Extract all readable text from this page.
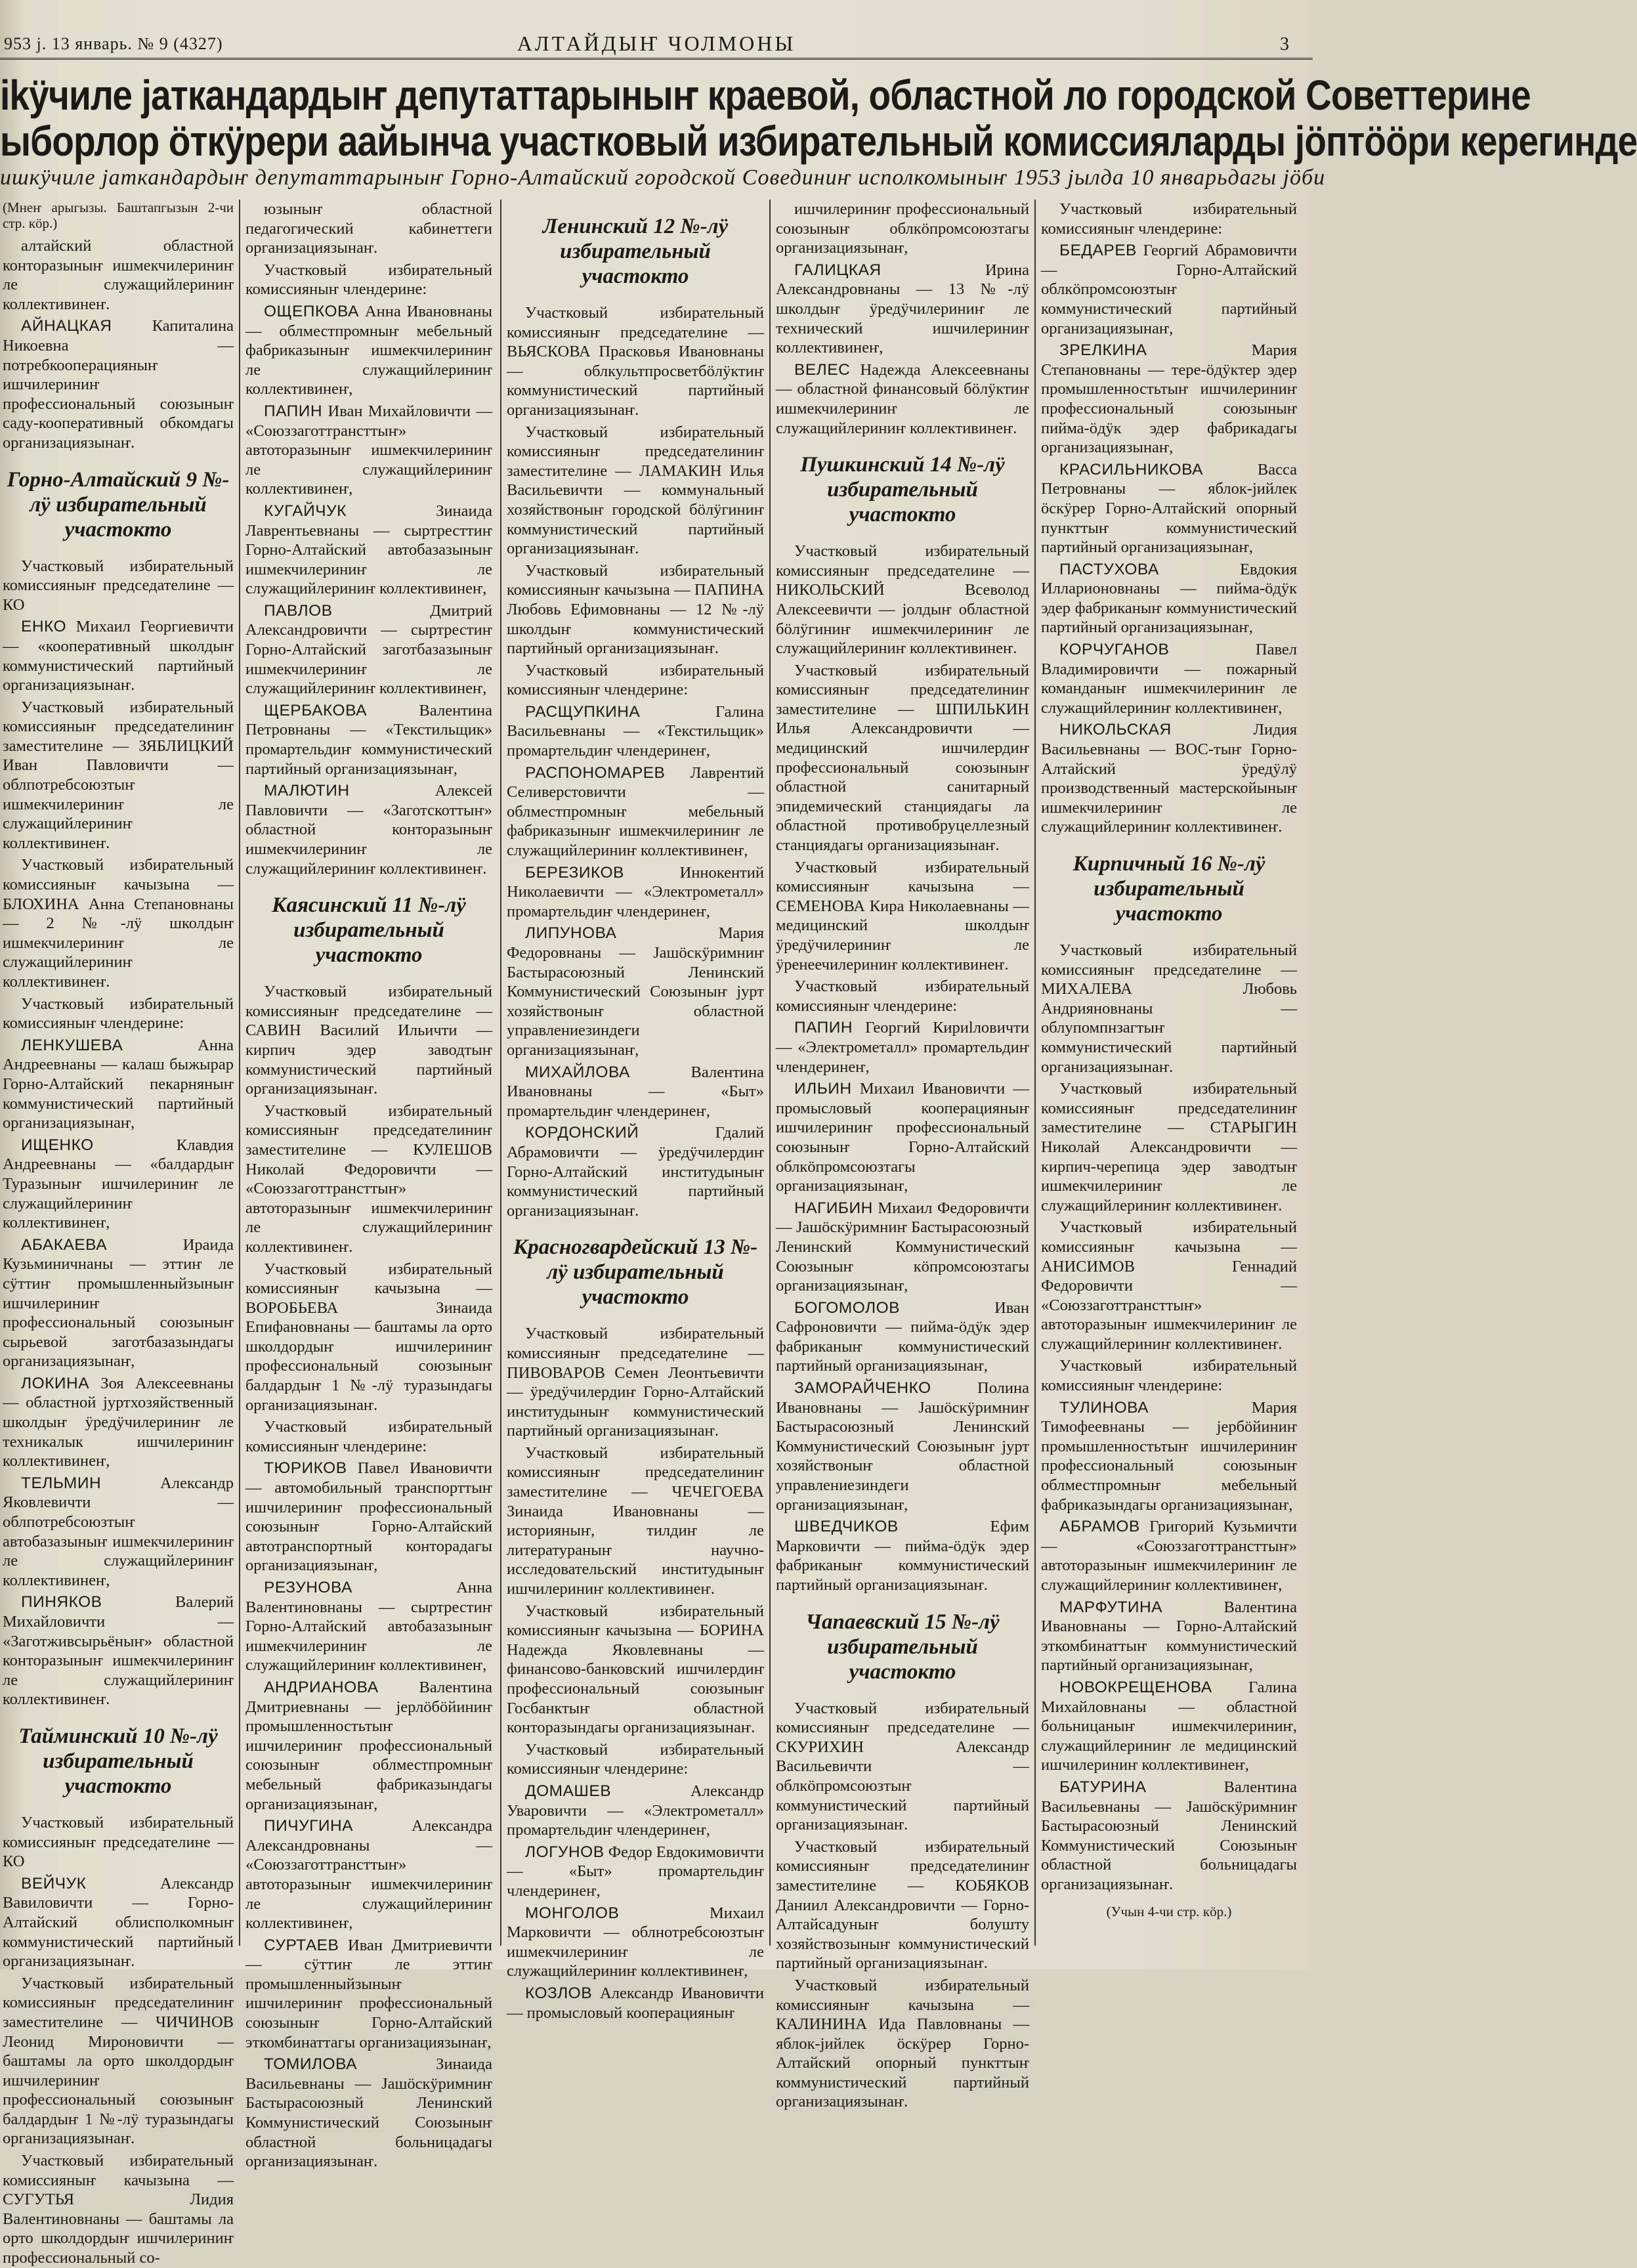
953 ј. 13 январь. № 9 (4327)	АЛТАЙДЫҤ ЧОЛМОНЫ	3
ikÿчиле jаткандардыҥ депутаттарыныҥ краевой, областной ло городской Советтерине
ыборлор ӧткÿрери аайынча участковый избирательный комиссияларды jӧптӧӧри керегинде
ишкÿчиле jаткандардыҥ депутаттарыныҥ Горно-Алтайский городской Совединиҥ исполкомыныҥ 1953 jылда 10 январьдагы jӧби

(Мнеҥ арыгызы. Баштапгызын 2-чи стр. кӧр.)

алтайский областной конторазыныҥ ишмекчилериниҥ ле служащийлериниҥ коллективинеҥ.

АЙНАЦКАЯ Капиталина Никоевна — потребкооперацияныҥ ишчилериниҥ профессиональный союзыныҥ саду-кооперативный обкомдагы организациязынаҥ.

Горно-Алтайский 9 №-лÿ избирательный участокто

Участковый избирательный комиссияныҥ председателине — КО

ЕНКО Михаил Георгиевичти — «кооперативный школдыҥ коммунистический партийный организациязынаҥ.

Участковый избирательный комиссияныҥ председателиниҥ заместителине — ЗЯБЛИЦКИЙ Иван Павловичти — облпотребсоюзтыҥ ишмекчилериниҥ ле служащийлериниҥ коллективинеҥ.

Участковый избирательный комиссияныҥ качызына — БЛОХИНА Анна Степановнаны — 2 №-лÿ школдыҥ ишмекчилериниҥ ле служащийлериниҥ коллективинеҥ.

Участковый избирательный комиссияныҥ члендерине:

ЛЕНКУШЕВА Анна Андреевнаны — калаш быжырар Горно-Алтайский пекарняныҥ коммунистический партийный организациязынаҥ,

ИЩЕНКО Клавдия Андреевнаны — «балдардыҥ Туразыныҥ ишчилериниҥ ле служащийлериниҥ коллективинеҥ,

АБАКАЕВА Ираида Кузьминичнаны — эттиҥ ле сÿттиҥ промышленныйзыныҥ ишчилериниҥ профессиональный союзыныҥ сырьевой заготбазазындагы организациязынаҥ,

ЛОКИНА Зоя Алексеевнаны — областной jуртхозяйственный школдыҥ ÿредÿчилериниҥ ле техникалык ишчилериниҥ коллективинеҥ,

ТЕЛЬМИН Александр Яковлевичти — облпотребсоюзтыҥ автобазазыныҥ ишмекчилериниҥ ле служащийлериниҥ коллективинеҥ,

ПИНЯКОВ Валерий Михайловичти — «Заготживсырьёныҥ» областной конторазыныҥ ишмекчилериниҥ ле служащийлериниҥ коллективинеҥ.

Тайминский 10 №-лÿ избирательный участокто

Участковый избирательный комиссияныҥ председателине — КО

ВЕЙЧУК Александр Вавиловичти — Горно-Алтайский облисполкомныҥ коммунистический партийный организациязынаҥ.

Участковый избирательный комиссияныҥ председателиниҥ заместителине — ЧИЧИНОВ Леонид Мироновичти — баштамы ла орто школдордыҥ ишчилериниҥ профессиональный союзыныҥ балдардыҥ 1 №-лÿ туразындагы организациязынаҥ.

Участковый избирательный комиссияныҥ качызына — СУГУТЬЯ Лидия Валентиновнаны — баштамы ла орто школдордыҥ ишчилериниҥ профессиональный со-

юзыныҥ областной педагогический кабинеттеги организациязынаҥ.

Участковый избирательный комиссияныҥ члендерине:

ОЩЕПКОВА Анна Ивановнаны — облместпромныҥ мебельный фабриказыныҥ ишмекчилериниҥ ле служащийлериниҥ коллективинеҥ,

ПАПИН Иван Михайловичти — «Союззаготтрансттыҥ» автоторазыныҥ ишмекчилериниҥ ле служащийлериниҥ коллективинеҥ,

КУГАЙЧУК Зинаида Лаврентьевнаны — сыртресттиҥ Горно-Алтайский автобазазыныҥ ишмекчилериниҥ ле служащийлериниҥ коллективинеҥ,

ПАВЛОВ Дмитрий Александровичти — сыртрестиҥ Горно-Алтайский заготбазазыныҥ ишмекчилериниҥ ле служащийлериниҥ коллективинеҥ,

ЩЕРБАКОВА Валентина Петровнаны — «Текстильщик» промартельдиҥ коммунистический партийный организациязынаҥ,

МАЛЮТИН Алексей Павловичти — «Заготскоттыҥ» областной конторазыныҥ ишмекчилериниҥ ле служащийлериниҥ коллективинеҥ.

Каясинский 11 №-лÿ избирательный участокто

Участковый избирательный комиссияныҥ председателине — САВИН Василий Ильичти — кирпич эдер заводтыҥ коммунистический партийный организациязынаҥ.

Участковый избирательный комиссияныҥ председателиниҥ заместителине — КУЛЕШОВ Николай Федоровичти — «Союззаготтрансттыҥ» автоторазыныҥ ишмекчилериниҥ ле служащийлериниҥ коллективинеҥ.

Участковый избирательный комиссияныҥ качызына — ВОРОБЬЕВА Зинаида Епифановнаны — баштамы ла орто школдордыҥ ишчилериниҥ профессиональный союзыныҥ балдардыҥ 1 №-лÿ туразындагы организациязынаҥ.

Участковый избирательный комиссияныҥ члендерине:

ТЮРИКОВ Павел Ивановичти — автомобильный транспорттыҥ ишчилериниҥ профессиональный союзыныҥ Горно-Алтайский автотранспортный конторадагы организациязынаҥ,

РЕЗУНОВА Анна Валентиновнаны — сыртрестиҥ Горно-Алтайский автобазазыныҥ ишмекчилериниҥ ле служащийлериниҥ коллективинеҥ,

АНДРИАНОВА Валентина Дмитриевнаны — jерлӧбӧйиниҥ промышленностьтыҥ ишчилериниҥ профессиональный союзыныҥ облместпромныҥ мебельный фабриказындагы организациязынаҥ,

ПИЧУГИНА Александра Александровнаны — «Союззаготтрансттыҥ» автоторазыныҥ ишмекчилериниҥ ле служащийлериниҥ коллективинеҥ,

СУРТАЕВ Иван Дмитриевичти — сÿттиҥ ле эттиҥ промышленныйзыныҥ ишчилериниҥ профессиональный союзыныҥ Горно-Алтайский эткомбинаттагы организациязынаҥ,

ТОМИЛОВА Зинаида Васильевнаны — Jашӧскÿримниҥ Бастырасоюзный Ленинский Коммунистический Союзыныҥ областной больницадагы организациязынаҥ.

Ленинский 12 №-лÿ избирательный участокто

Участковый избирательный комиссияныҥ председателине — ВЬЯСКОВА Прасковья Ивановнаны — облкультпросветбӧлÿктиҥ коммунистический партийный организациязынаҥ.

Участковый избирательный комиссияныҥ председателиниҥ заместителине — ЛАМАКИН Илья Васильевичти — коммунальный хозяйствоныҥ городской бӧлÿгиниҥ коммунистический партийный организациязынаҥ.

Участковый избирательный комиссияныҥ качызына — ПАПИНА Любовь Ефимовнаны — 12 №-лÿ школдыҥ коммунистический партийный организациязынаҥ.

Участковый избирательный комиссияныҥ члендерине:

РАСЩУПКИНА Галина Васильевнаны — «Текстильщик» промартельдиҥ члендеринеҥ,

РАСПОНОМАРЕВ Лаврентий Селиверстовичти — облместпромныҥ мебельный фабриказыныҥ ишмекчилериниҥ ле служащийлериниҥ коллективинеҥ,

БЕРЕЗИКОВ Иннокентий Николаевичти — «Электрометалл» промартельдиҥ члендеринеҥ,

ЛИПУНОВА Мария Федоровнаны — Jашӧскÿримниҥ Бастырасоюзный Ленинский Коммунистический Союзыныҥ jурт хозяйствоныҥ областной управлениезиндеги организациязынаҥ,

МИХАЙЛОВА Валентина Ивановнаны — «Быт» промартельдиҥ члендеринеҥ,

КОРДОНСКИЙ Гдалий Абрамовичти — ÿредÿчилердиҥ Горно-Алтайский институдыныҥ коммунистический партийный организациязынаҥ.

Красногвардейский 13 №-лÿ избирательный участокто

Участковый избирательный комиссияныҥ председателине — ПИВОВАРОВ Семен Леонтьевичти — ÿредÿчилердиҥ Горно-Алтайский институдыныҥ коммунистический партийный организациязынаҥ.

Участковый избирательный комиссияныҥ председателиниҥ заместителине — ЧЕЧЕГОЕВА Зинаида Ивановнаны — историяныҥ, тилдиҥ ле литератураныҥ научно-исследовательский институдыныҥ ишчилериниҥ коллективинеҥ.

Участковый избирательный комиссияныҥ качызына — БОРИНА Надежда Яковлевнаны — финансово-банковский ишчилердиҥ профессиональный союзыныҥ Госбанктыҥ областной конторазындагы организациязынаҥ.

Участковый избирательный комиссияныҥ члендерине:

ДОМАШЕВ Александр Уваровичти — «Электрометалл» промартельдиҥ члендеринеҥ,

ЛОГУНОВ Федор Евдокимовичти — «Быт» промартельдиҥ члендеринеҥ,

МОНГОЛОВ Михаил Марковичти — облнотребсоюзтыҥ ишмекчилериниҥ ле служащийлериниҥ коллективинеҥ,

КОЗЛОВ Александр Ивановичти — промысловый кооперацияныҥ

ишчилериниҥ профессиональный союзыныҥ облкӧпромсоюзтагы организациязынаҥ,

ГАЛИЦКАЯ Ирина Александровнаны — 13 №-лÿ школдыҥ ÿредÿчилериниҥ ле технический ишчилериниҥ коллективинеҥ,

ВЕЛЕС Надежда Алексеевнаны — областной финансовый бӧлÿктиҥ ишмекчилериниҥ ле служащийлериниҥ коллективинеҥ.

Пушкинский 14 №-лÿ избирательный участокто

Участковый избирательный комиссияныҥ председателине — НИКОЛЬСКИЙ Всеволод Алексеевичти — jолдыҥ областной бӧлÿгиниҥ ишмекчилериниҥ ле служащийлериниҥ коллективинеҥ.

Участковый избирательный комиссияныҥ председателиниҥ заместителине — ШПИЛЬКИН Илья Александровичти — медицинский ишчилердиҥ профессиональный союзыныҥ областной санитарный эпидемический станциядагы ла областной противобруцеллезный станциядагы организациязынаҥ.

Участковый избирательный комиссияныҥ качызына — СЕМЕНОВА Кира Николаевнаны — медицинский школдыҥ ÿредÿчилериниҥ ле ÿренеечилериниҥ коллективинеҥ.

Участковый избирательный комиссияныҥ члендерине:

ПАПИН Георгий Кириlловичти — «Электрометалл» промартельдиҥ члендеринеҥ,

ИЛЬИН Михаил Ивановичти — промысловый кооперацияныҥ ишчилериниҥ профессиональный союзыныҥ Горно-Алтайский облкӧпромсоюзтагы организациязынаҥ,

НАГИБИН Михаил Федоровичти — Jашӧскÿримниҥ Бастырасоюзный Ленинский Коммунистический Союзыныҥ кӧпромсоюзтагы организациязынаҥ,

БОГОМОЛОВ Иван Сафроновичти — пийма-ӧдÿк эдер фабриканыҥ коммунистический партийный организациязынаҥ,

ЗАМОРАЙЧЕНКО Полина Ивановнаны — Jашӧскÿримниҥ Бастырасоюзный Ленинский Коммунистический Союзыныҥ jурт хозяйствоныҥ областной управлениезиндеги организациязынаҥ,

ШВЕДЧИКОВ Ефим Марковичти — пийма-ӧдÿк эдер фабриканыҥ коммунистический партийный организациязынаҥ.

Чапаевский 15 №-лÿ избирательный участокто

Участковый избирательный комиссияныҥ председателине — СКУРИХИН Александр Васильевичти — облкӧпромсоюзтыҥ коммунистический партийный организациязынаҥ.

Участковый избирательный комиссияныҥ председателиниҥ заместителине — КОБЯКОВ Даниил Александровичти — Горно-Алтайсадуныҥ болушту хозяйствозыныҥ коммунистический партийный организациязынаҥ.

Участковый избирательный комиссияныҥ качызына — КАЛИНИНА Ида Павловнаны — яблок-jийлек ӧскÿрер Горно-Алтайский опорный пункттыҥ коммунистический партийный организациязынаҥ.

Участковый избирательный комиссияныҥ члендерине:

БЕДАРЕВ Георгий Абрамовичти — Горно-Алтайский облкӧпромсоюзтыҥ коммунистический партийный организациязынаҥ,

ЗРЕЛКИНА Мария Степановнаны — тере-ӧдÿктер эдер промышленностьтыҥ ишчилериниҥ профессиональный союзыныҥ пийма-ӧдÿк эдер фабрикадагы организациязынаҥ,

КРАСИЛЬНИКОВА Васса Петровнаны — яблок-jийлек ӧскÿрер Горно-Алтайский опорный пункттыҥ коммунистический партийный организациязынаҥ,

ПАСТУХОВА Евдокия Илларионовнаны — пийма-ӧдÿк эдер фабриканыҥ коммунистический партийный организациязынаҥ,

КОРЧУГАНОВ Павел Владимировичти — пожарный команданыҥ ишмекчилериниҥ ле служащийлериниҥ коллективинеҥ,

НИКОЛЬСКАЯ Лидия Васильевнаны — ВОС-тыҥ Горно-Алтайский ÿредÿлÿ производственный мастерскойыныҥ ишмекчилериниҥ ле служащийлериниҥ коллективинеҥ.

Кирпичный 16 №-лÿ избирательный участокто

Участковый избирательный комиссияныҥ председателине — МИХАЛЕВА Любовь Андрияновнаны — облупомпнзагтыҥ коммунистический партийный организациязынаҥ.

Участковый избирательный комиссияныҥ председателиниҥ заместителине — СТАРЫГИН Николай Александровичти — кирпич-черепица эдер заводтыҥ ишмекчилериниҥ ле служащийлериниҥ коллективинеҥ.

Участковый избирательный комиссияныҥ качызына — АНИСИМОВ Геннадий Федоровичти — «Союззаготтрансттыҥ» автоторазыныҥ ишмекчилериниҥ ле служащийлериниҥ коллективинеҥ.

Участковый избирательный комиссияныҥ члендерине:

ТУЛИНОВА Мария Тимофеевнаны — jербӧйиниҥ промышленностьтыҥ ишчилериниҥ профессиональный союзыныҥ облместпромныҥ мебельный фабриказындагы организациязынаҥ,

АБРАМОВ Григорий Кузьмичти — «Союззаготтрансттыҥ» автоторазыныҥ ишмекчилериниҥ ле служащийлериниҥ коллективинеҥ,

МАРФУТИНА Валентина Ивановнаны — Горно-Алтайский эткомбинаттыҥ коммунистический партийный организациязынаҥ,

НОВОКРЕЩЕНОВА Галина Михайловнаны — областной больницаныҥ ишмекчилериниҥ, служащийлериниҥ ле медицинский ишчилериниҥ коллективинеҥ,

БАТУРИНА Валентина Васильевнаны — Jашӧскÿримниҥ Бастырасоюзный Ленинский Коммунистический Союзыныҥ областной больницадагы организациязынаҥ.

(Учын 4-чи стр. кӧр.)
